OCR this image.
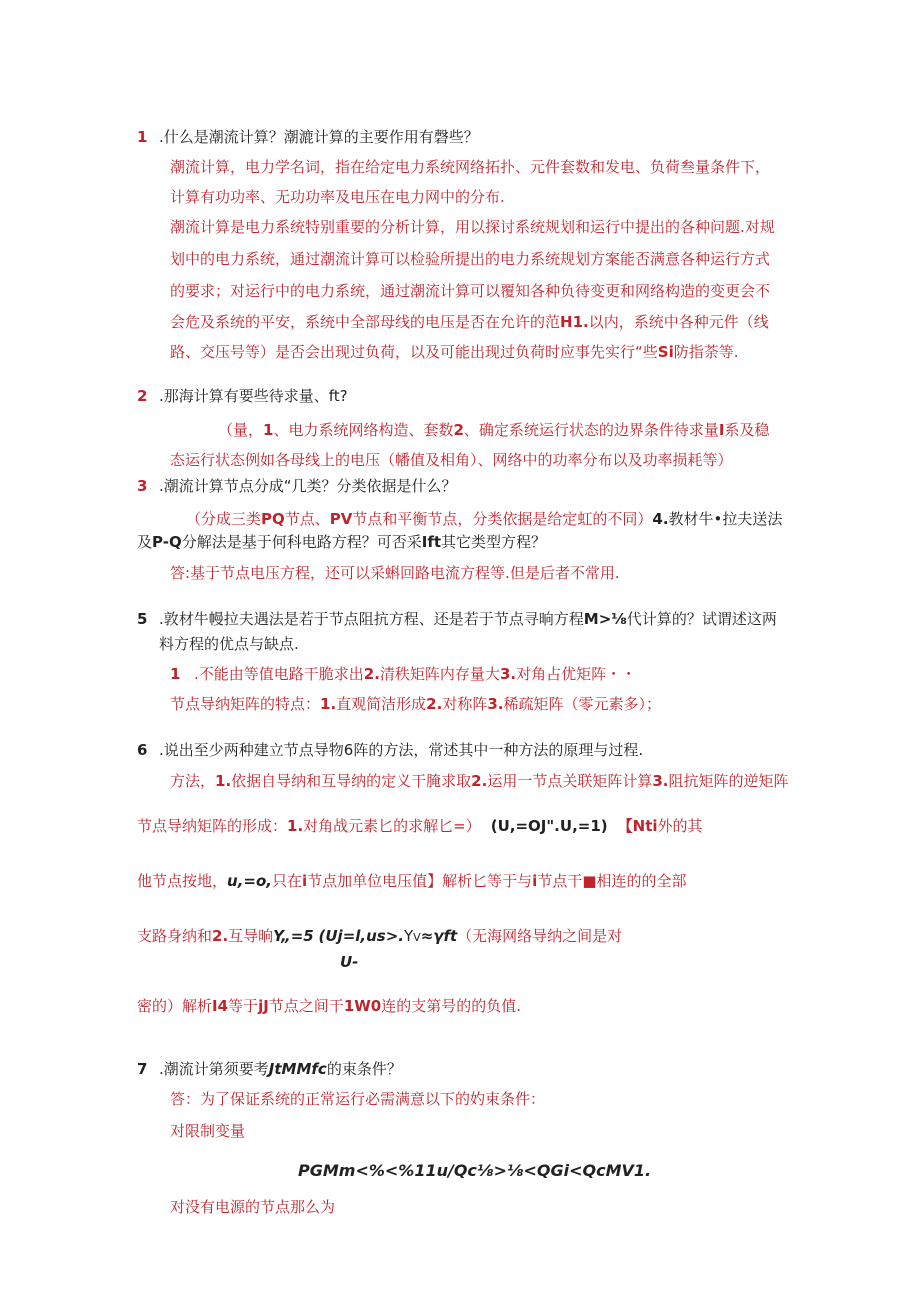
1 .什么是潮流计算？潮漉计算的主要作用有磬些？
潮流计算，电力学名词，指在给定电力系统网络拓扑、元件套数和发电、负荷叁量条件下，
计算有功功率、无功功率及电压在电力网中的分布.
潮流计算是电力系统特别重要的分析计算，用以探讨系统规划和运行中提出的各种问题.对规
划中的电力系统，通过潮流计算可以检验所提出的电力系统规划方案能否满意各种运行方式
的要求；对运行中的电力系统，通过潮流计算可以覆知各种负待变更和网络构造的变更会不
会危及系统的平安，系统中全部母线的电压是否在允许的范H1.以内，系统中各种元件（线
路、交压号等）是否会出现过负荷，以及可能出现过负荷时应事先实行“些Si防指荼等.
2 .那海计算有要些待求量、ft?
（量，1、电力系统网络构造、套数2、确定系统运行状态的边界条件待求量I系及稳
态运行状态例如各母线上的电压（幡值及相角）、网络中的功率分布以及功率损耗等）
3 .潮流计算节点分成“几类？分类依据是什么？
（分成三类PQ节点、PV节点和平衡节点，分类依据是给定虹的不同）4.教材牛•拉夫送法
及P-Q分解法是基于何科电路方程？可否采Ift其它类型方程？
答:基于节点电压方程，还可以采蝌回路电流方程等.但是后者不常用.
5 .敦材牛幔拉夫遇法是若于节点阻抗方程、还是若于节点寻晌方程M>⅛代计算的？试谓述这两
料方程的优点与缺点.
1 .不能由等值电路干脆求出2.清秩矩阵内存量大3.对角占优矩阵・・
节点导纳矩阵的特点：1.直观简洁形成2.对称阵3.稀疏矩阵（零元素多）；
6 .说出至少两种建立节点导物6阵的方法，常述其中一种方法的原理与过程.
方法，1.依据自导纳和互导纳的定义干腌求取2.运用一节点关联矩阵计算3.阻抗矩阵的逆矩阵
节点导纳矩阵的形成：1.对角战元素匕的求解匕=） (U,=OJ".U,=1) 【Nti外的其
他节点按地，u,=o,只在i节点加单位电压值】解析匕等于与i节点干■相连的的全部
支路身纳和2.互导晌Y„=5 (Uj=l,us>.YV≈γft（无海网络导纳之间是对
U-
密的）解析I4等于jJ节点之间干1W0连的支第号的的负值.
7 .潮流计第须要考JtMMfc的束条件？
答：为了保证系统的正常运行必需满意以下的妁束条件：
对限制变量
PGMm<%<%11u/Qc⅛>⅛<QGi<QcMV1.
对没有电源的节点那么为
